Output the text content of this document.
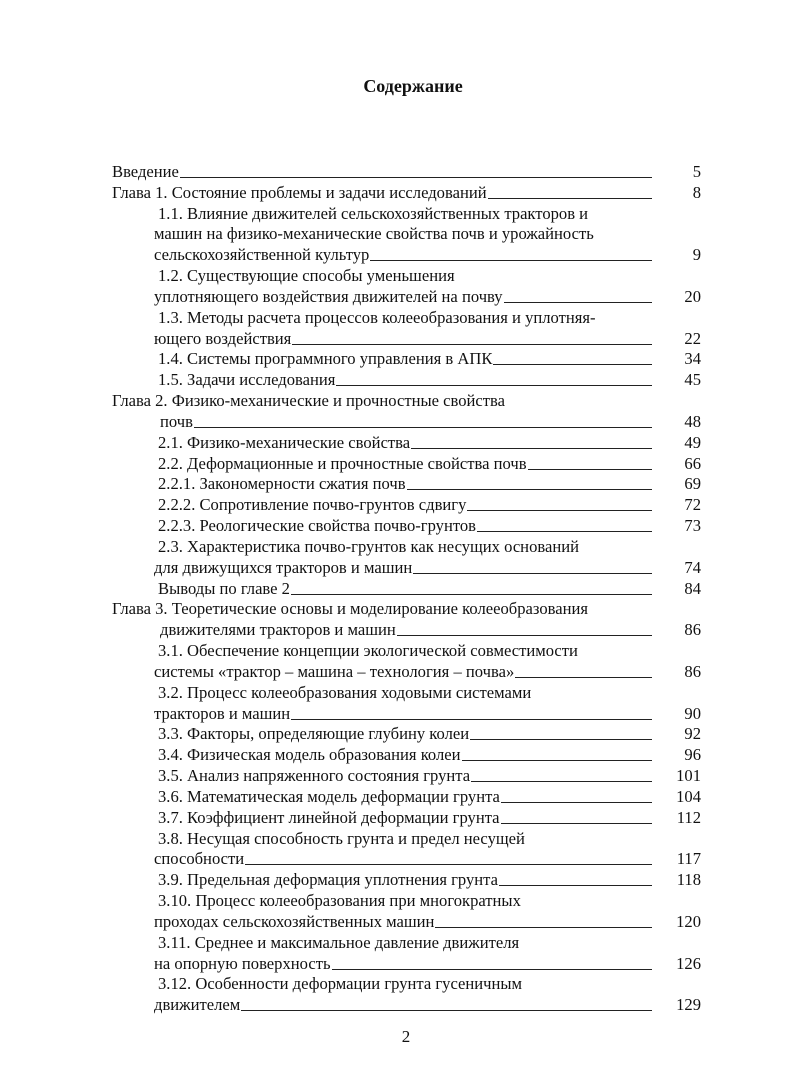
Содержание
5
Введение
8
Глава 1. Состояние проблемы и задачи исследований
1.1. Влияние движителей сельскохозяйственных тракторов и
машин на физико-механические свойства почв и урожайность
9
сельскохозяйственной культур
1.2. Существующие способы уменьшения
20
уплотняющего воздействия движителей на почву
1.3. Методы расчета процессов колееобразования и уплотняя-
22
ющего воздействия
34
1.4. Системы программного управления в АПК
45
1.5. Задачи исследования
Глава 2. Физико-механические и прочностные свойства
48
почв
49
2.1. Физико-механические свойства
66
2.2. Деформационные и прочностные свойства почв
69
2.2.1. Закономерности сжатия почв
72
2.2.2. Сопротивление почво-грунтов сдвигу
73
2.2.3. Реологические свойства почво-грунтов
2.3. Характеристика почво-грунтов как несущих оснований
74
для движущихся тракторов и машин
84
Выводы по главе 2
Глава 3. Теоретические основы и моделирование колееобразования
86
движителями тракторов и машин
3.1. Обеспечение концепции экологической совместимости
86
системы «трактор – машина – технология – почва»
3.2. Процесс колееобразования ходовыми системами
90
тракторов и машин
92
3.3. Факторы, определяющие глубину колеи
96
3.4. Физическая модель образования колеи
101
3.5. Анализ напряженного состояния грунта
104
3.6. Математическая модель деформации грунта
112
3.7. Коэффициент линейной деформации грунта
3.8. Несущая способность грунта и предел несущей
117
способности
118
3.9. Предельная деформация уплотнения грунта
3.10. Процесс колееобразования при многократных
120
проходах сельскохозяйственных машин
3.11. Среднее и максимальное давление движителя
126
на опорную поверхность
3.12. Особенности деформации грунта гусеничным
129
движителем
2
